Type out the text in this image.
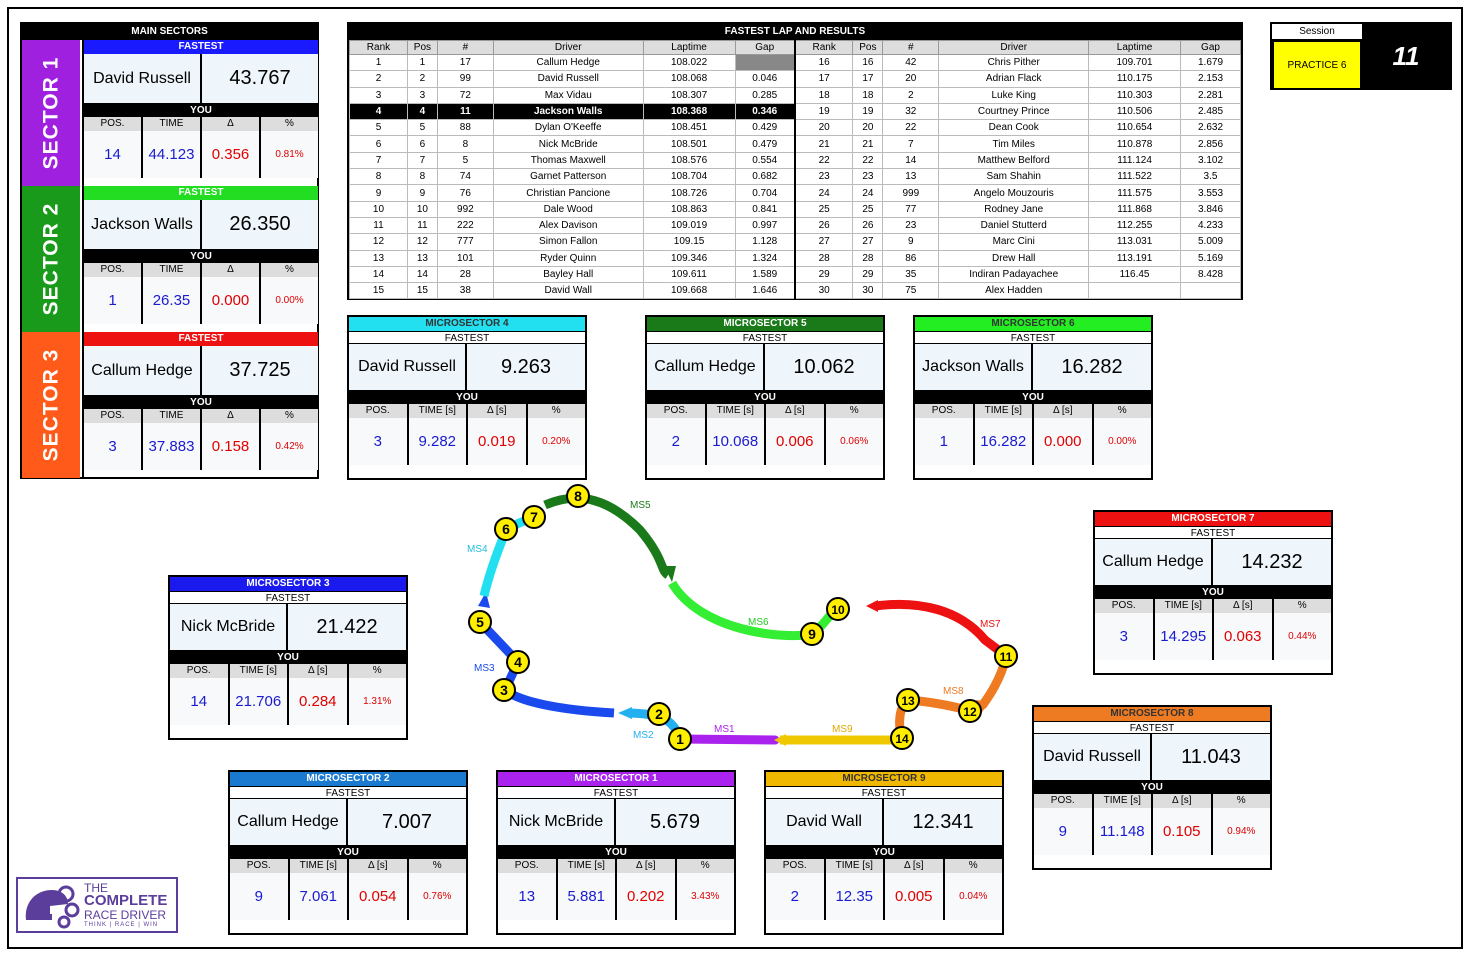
MAIN SECTORS
SECTOR 1
FASTEST
David Russell	43.767
YOU
POS.	TIME	Δ	%
14	44.123	0.356	0.81%
SECTOR 2
FASTEST
Jackson Walls	26.350
YOU
POS.	TIME	Δ	%
1	26.35	0.000	0.00%
SECTOR 3
FASTEST
Callum Hedge	37.725
YOU
POS.	TIME	Δ	%
3	37.883	0.158	0.42%
FASTEST LAP AND RESULTS
Rank	Pos	#	Driver	Laptime	Gap	Rank	Pos	#	Driver	Laptime	Gap
1	1	17	Callum Hedge	108.022		16	16	42	Chris Pither	109.701	1.679
2	2	99	David Russell	108.068	0.046	17	17	20	Adrian Flack	110.175	2.153
3	3	72	Max Vidau	108.307	0.285	18	18	2	Luke King	110.303	2.281
4	4	11	Jackson Walls	108.368	0.346	19	19	32	Courtney Prince	110.506	2.485
5	5	88	Dylan O'Keeffe	108.451	0.429	20	20	22	Dean Cook	110.654	2.632
6	6	8	Nick McBride	108.501	0.479	21	21	7	Tim Miles	110.878	2.856
7	7	5	Thomas Maxwell	108.576	0.554	22	22	14	Matthew Belford	111.124	3.102
8	8	74	Garnet Patterson	108.704	0.682	23	23	13	Sam Shahin	111.522	3.5
9	9	76	Christian Pancione	108.726	0.704	24	24	999	Angelo Mouzouris	111.575	3.553
10	10	992	Dale Wood	108.863	0.841	25	25	77	Rodney Jane	111.868	3.846
11	11	222	Alex Davison	109.019	0.997	26	26	23	Daniel Stutterd	112.255	4.233
12	12	777	Simon Fallon	109.15	1.128	27	27	9	Marc Cini	113.031	5.009
13	13	101	Ryder Quinn	109.346	1.324	28	28	86	Drew Hall	113.191	5.169
14	14	28	Bayley Hall	109.611	1.589	29	29	35	Indiran Padayachee	116.45	8.428
15	15	38	David Wall	109.668	1.646	30	30	75	Alex Hadden		
Session
PRACTICE 6	11
MICROSECTOR 4
FASTEST
David Russell	9.263
YOU
POS.	TIME [s]	Δ [s]	%
3	9.282	0.019	0.20%
MICROSECTOR 5
FASTEST
Callum Hedge	10.062
YOU
POS.	TIME [s]	Δ [s]	%
2	10.068	0.006	0.06%
MICROSECTOR 6
FASTEST
Jackson Walls	16.282
YOU
POS.	TIME [s]	Δ [s]	%
1	16.282	0.000	0.00%
MICROSECTOR 7
FASTEST
Callum Hedge	14.232
YOU
POS.	TIME [s]	Δ [s]	%
3	14.295	0.063	0.44%
MICROSECTOR 3
FASTEST
Nick McBride	21.422
YOU
POS.	TIME [s]	Δ [s]	%
14	21.706	0.284	1.31%
MICROSECTOR 8
FASTEST
David Russell	11.043
YOU
POS.	TIME [s]	Δ [s]	%
9	11.148	0.105	0.94%
MICROSECTOR 2
FASTEST
Callum Hedge	7.007
YOU
POS.	TIME [s]	Δ [s]	%
9	7.061	0.054	0.76%
MICROSECTOR 1
FASTEST
Nick McBride	5.679
YOU
POS.	TIME [s]	Δ [s]	%
13	5.881	0.202	3.43%
MICROSECTOR 9
FASTEST
David Wall	12.341
YOU
POS.	TIME [s]	Δ [s]	%
2	12.35	0.005	0.04%
MS1
MS2
MS3
MS4
MS5
MS6	MS7
MS8
MS9
1
2
3
4
5
6
7
8
9
10
11
12
13
14
THE
COMPLETE
RACE DRIVER
THINK | RACE | WIN
